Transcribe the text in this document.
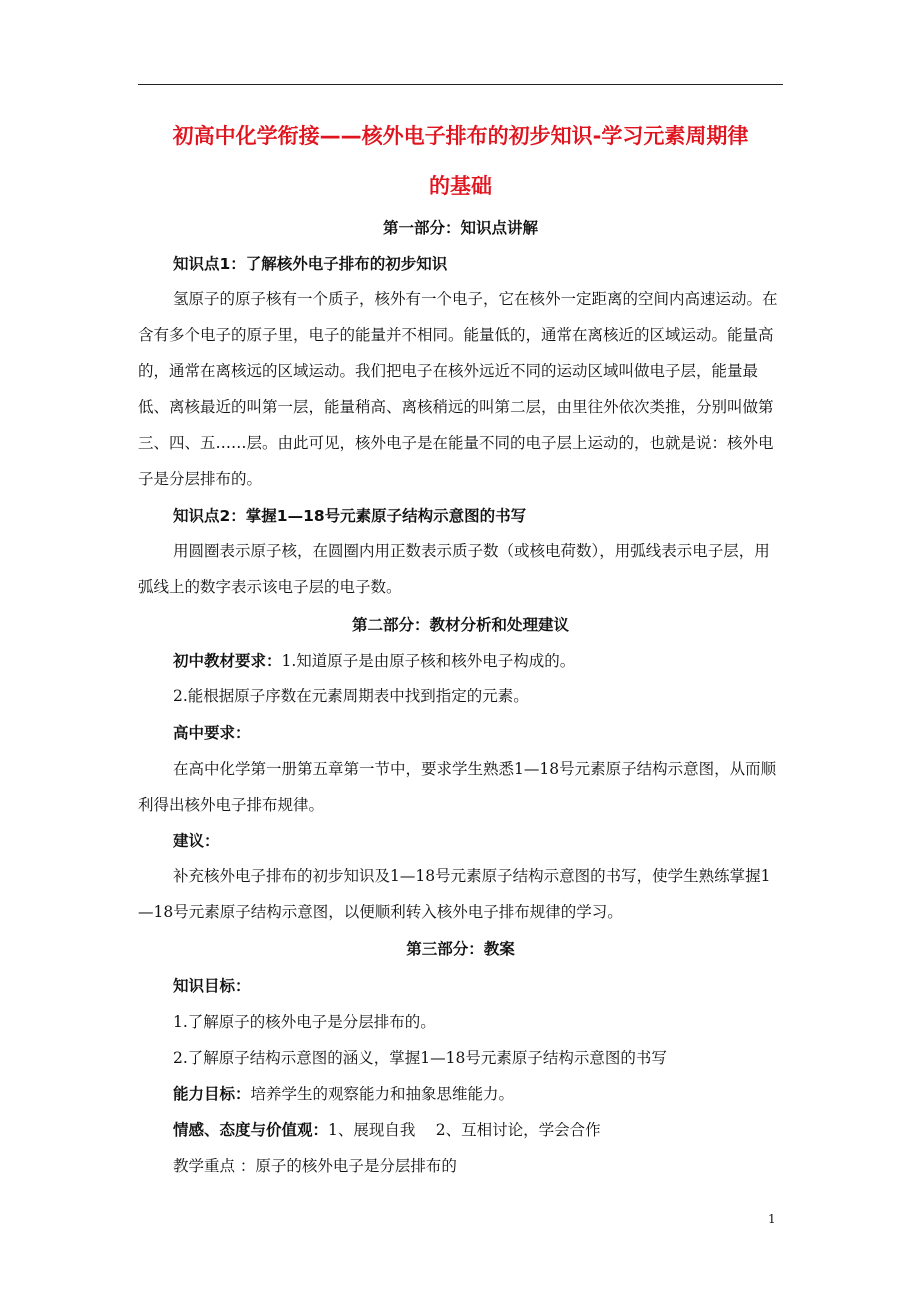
初高中化学衔接——核外电子排布的初步知识-学习元素周期律
的基础
第一部分：知识点讲解
知识点1：了解核外电子排布的初步知识
氢原子的原子核有一个质子，核外有一个电子，它在核外一定距离的空间内高速运动。在含有多个电子的原子里，电子的能量并不相同。能量低的，通常在离核近的区域运动。能量高的，通常在离核远的区域运动。我们把电子在核外远近不同的运动区域叫做电子层，能量最低、离核最近的叫第一层，能量稍高、离核稍远的叫第二层，由里往外依次类推，分别叫做第三、四、五……层。由此可见，核外电子是在能量不同的电子层上运动的，也就是说：核外电子是分层排布的。
知识点2：掌握1—18号元素原子结构示意图的书写
用圆圈表示原子核，在圆圈内用正数表示质子数（或核电荷数），用弧线表示电子层，用弧线上的数字表示该电子层的电子数。
第二部分：教材分析和处理建议
初中教材要求：1.知道原子是由原子核和核外电子构成的。
2.能根据原子序数在元素周期表中找到指定的元素。
高中要求：
在高中化学第一册第五章第一节中，要求学生熟悉1—18号元素原子结构示意图，从而顺利得出核外电子排布规律。
建议：
补充核外电子排布的初步知识及1—18号元素原子结构示意图的书写，使学生熟练掌握1—18号元素原子结构示意图，以便顺利转入核外电子排布规律的学习。
第三部分：教案
知识目标：
1.了解原子的核外电子是分层排布的。
2.了解原子结构示意图的涵义，掌握1—18号元素原子结构示意图的书写
能力目标：培养学生的观察能力和抽象思维能力。
情感、态度与价值观：1、展现自我　 2、互相讨论，学会合作
教学重点 ：原子的核外电子是分层排布的
1
